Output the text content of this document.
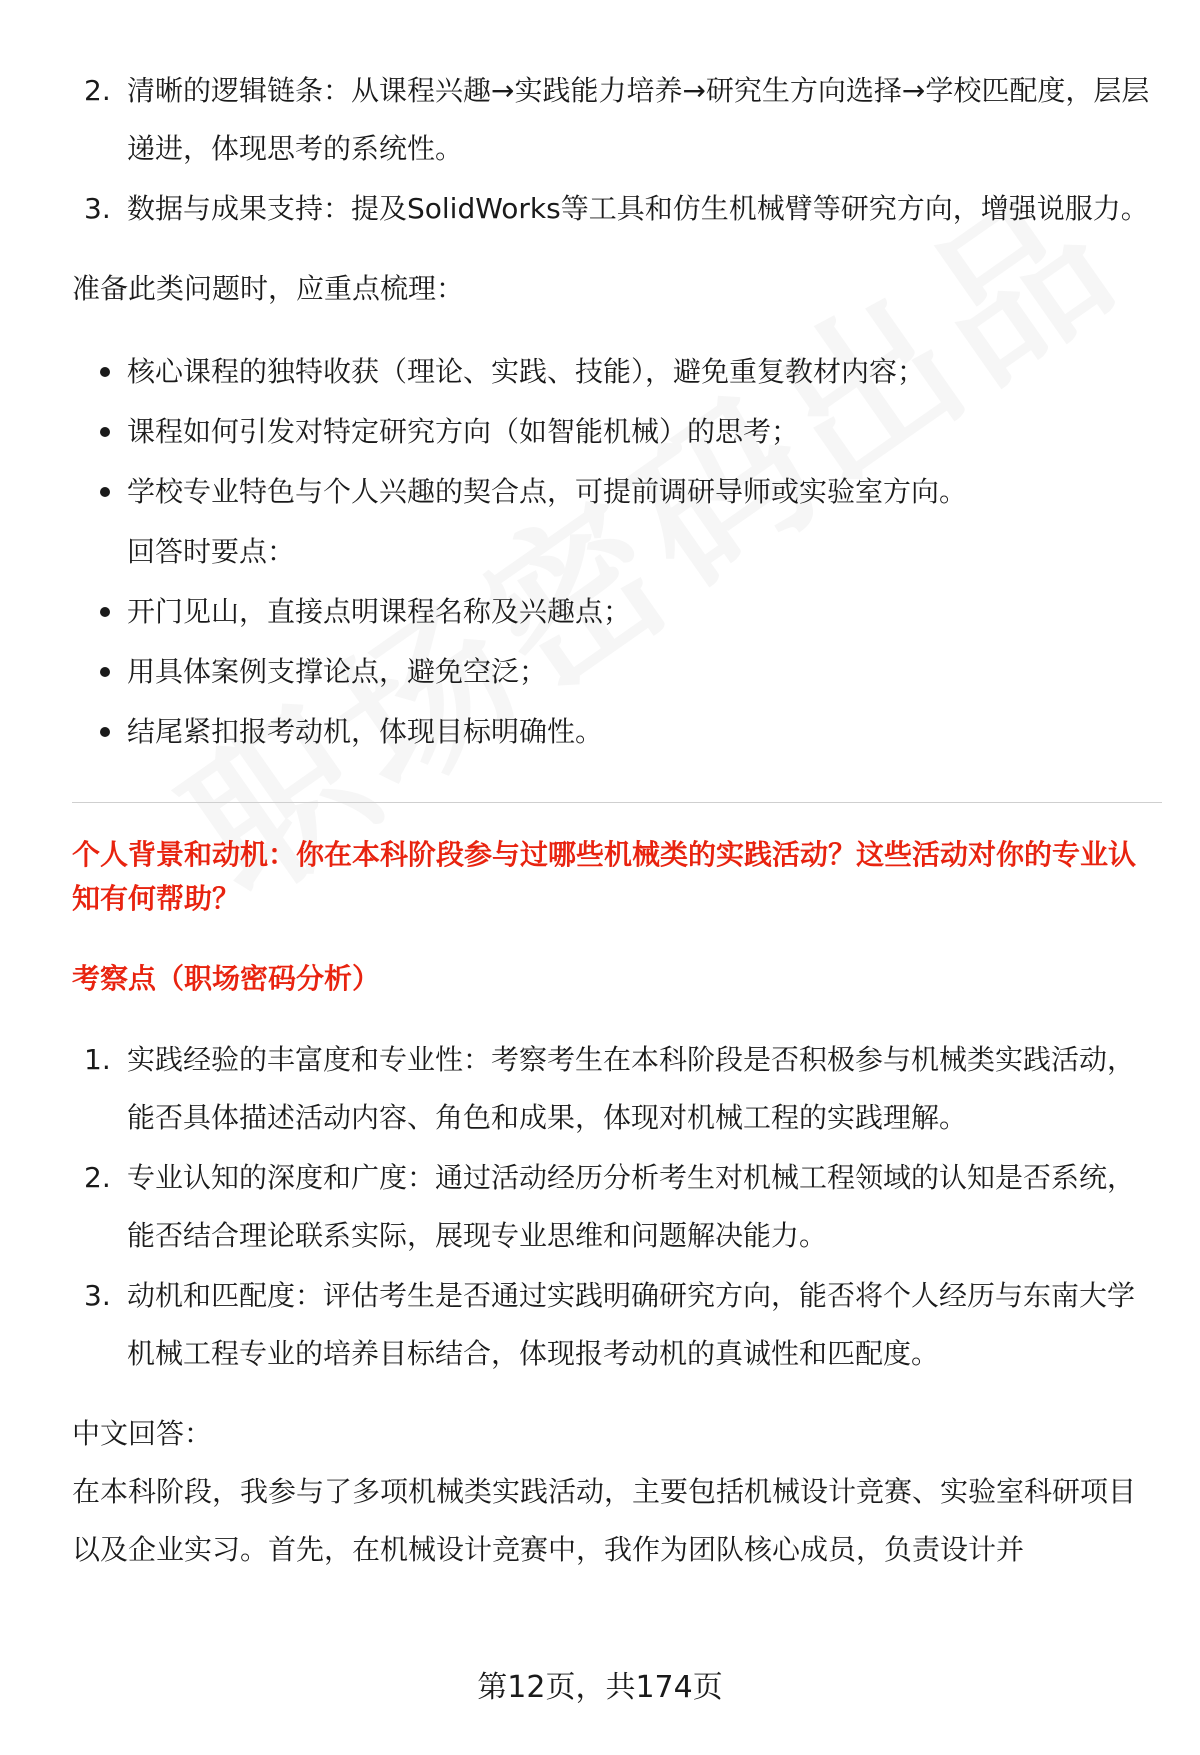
2. 清晰的逻辑链条：从课程兴趣→实践能力培养→研究生方向选择→学校匹配度，层层递进，体现思考的系统性。
3. 数据与成果支持：提及SolidWorks等工具和仿生机械臂等研究方向，增强说服力。
准备此类问题时，应重点梳理：
核心课程的独特收获（理论、实践、技能），避免重复教材内容；
课程如何引发对特定研究方向（如智能机械）的思考；
学校专业特色与个人兴趣的契合点，可提前调研导师或实验室方向。
回答时要点：
开门见山，直接点明课程名称及兴趣点；
用具体案例支撑论点，避免空泛；
结尾紧扣报考动机，体现目标明确性。
个人背景和动机：你在本科阶段参与过哪些机械类的实践活动？这些活动对你的专业认知有何帮助？
考察点（职场密码分析）
1. 实践经验的丰富度和专业性：考察考生在本科阶段是否积极参与机械类实践活动，能否具体描述活动内容、角色和成果，体现对机械工程的实践理解。
2. 专业认知的深度和广度：通过活动经历分析考生对机械工程领域的认知是否系统，能否结合理论联系实际，展现专业思维和问题解决能力。
3. 动机和匹配度：评估考生是否通过实践明确研究方向，能否将个人经历与东南大学机械工程专业的培养目标结合，体现报考动机的真诚性和匹配度。
中文回答：
在本科阶段，我参与了多项机械类实践活动，主要包括机械设计竞赛、实验室科研项目以及企业实习。首先，在机械设计竞赛中，我作为团队核心成员，负责设计并
第12页，共174页
